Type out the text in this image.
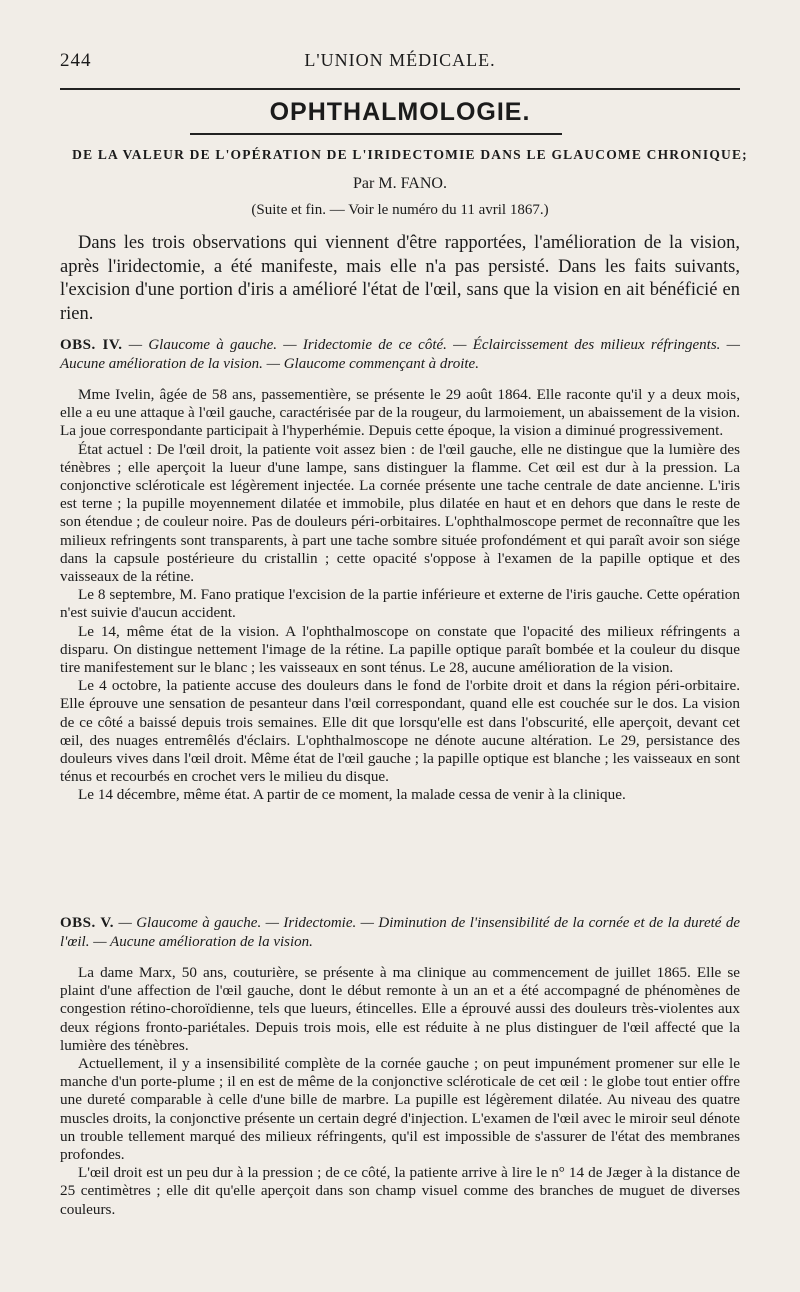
244	L'UNION MÉDICALE.
OPHTHALMOLOGIE.
DE LA VALEUR DE L'OPÉRATION DE L'IRIDECTOMIE DANS LE GLAUCOME CHRONIQUE;
Par M. FANO.
(Suite et fin. — Voir le numéro du 11 avril 1867.)

Dans les trois observations qui viennent d'être rapportées, l'amélioration de la vision, après l'iridectomie, a été manifeste, mais elle n'a pas persisté. Dans les faits suivants, l'excision d'une portion d'iris a amélioré l'état de l'œil, sans que la vision en ait bénéficié en rien.

OBS. IV. — Glaucome à gauche. — Iridectomie de ce côté. — Éclaircissement des milieux réfringents. — Aucune amélioration de la vision. — Glaucome commençant à droite.

Mme Ivelin, âgée de 58 ans, passementière, se présente le 29 août 1864. Elle raconte qu'il y a deux mois, elle a eu une attaque à l'œil gauche, caractérisée par de la rougeur, du larmoiement, un abaissement de la vision. La joue correspondante participait à l'hyperhémie. Depuis cette époque, la vision a diminué progressivement.

État actuel : De l'œil droit, la patiente voit assez bien : de l'œil gauche, elle ne distingue que la lumière des ténèbres ; elle aperçoit la lueur d'une lampe, sans distinguer la flamme. Cet œil est dur à la pression. La conjonctive scléroticale est légèrement injectée. La cornée présente une tache centrale de date ancienne. L'iris est terne ; la pupille moyennement dilatée et immobile, plus dilatée en haut et en dehors que dans le reste de son étendue ; de couleur noire. Pas de douleurs péri-orbitaires. L'ophthalmoscope permet de reconnaître que les milieux refringents sont transparents, à part une tache sombre située profondément et qui paraît avoir son siége dans la capsule postérieure du cristallin ; cette opacité s'oppose à l'examen de la papille optique et des vaisseaux de la rétine.

Le 8 septembre, M. Fano pratique l'excision de la partie inférieure et externe de l'iris gauche. Cette opération n'est suivie d'aucun accident.

Le 14, même état de la vision. A l'ophthalmoscope on constate que l'opacité des milieux réfringents a disparu. On distingue nettement l'image de la rétine. La papille optique paraît bombée et la couleur du disque tire manifestement sur le blanc ; les vaisseaux en sont ténus. Le 28, aucune amélioration de la vision.

Le 4 octobre, la patiente accuse des douleurs dans le fond de l'orbite droit et dans la région péri-orbitaire. Elle éprouve une sensation de pesanteur dans l'œil correspondant, quand elle est couchée sur le dos. La vision de ce côté a baissé depuis trois semaines. Elle dit que lorsqu'elle est dans l'obscurité, elle aperçoit, devant cet œil, des nuages entremêlés d'éclairs. L'ophthalmoscope ne dénote aucune altération. Le 29, persistance des douleurs vives dans l'œil droit. Même état de l'œil gauche ; la papille optique est blanche ; les vaisseaux en sont ténus et recourbés en crochet vers le milieu du disque.

Le 14 décembre, même état. A partir de ce moment, la malade cessa de venir à la clinique.

OBS. V. — Glaucome à gauche. — Iridectomie. — Diminution de l'insensibilité de la cornée et de la dureté de l'œil. — Aucune amélioration de la vision.

La dame Marx, 50 ans, couturière, se présente à ma clinique au commencement de juillet 1865. Elle se plaint d'une affection de l'œil gauche, dont le début remonte à un an et a été accompagné de phénomènes de congestion rétino-choroïdienne, tels que lueurs, étincelles. Elle a éprouvé aussi des douleurs très-violentes aux deux régions fronto-pariétales. Depuis trois mois, elle est réduite à ne plus distinguer de l'œil affecté que la lumière des ténèbres.

Actuellement, il y a insensibilité complète de la cornée gauche ; on peut impunément promener sur elle le manche d'un porte-plume ; il en est de même de la conjonctive scléroticale de cet œil : le globe tout entier offre une dureté comparable à celle d'une bille de marbre. La pupille est légèrement dilatée. Au niveau des quatre muscles droits, la conjonctive présente un certain degré d'injection. L'examen de l'œil avec le miroir seul dénote un trouble tellement marqué des milieux réfringents, qu'il est impossible de s'assurer de l'état des membranes profondes.

L'œil droit est un peu dur à la pression ; de ce côté, la patiente arrive à lire le n° 14 de Jæger à la distance de 25 centimètres ; elle dit qu'elle aperçoit dans son champ visuel comme des branches de muguet de diverses couleurs.
